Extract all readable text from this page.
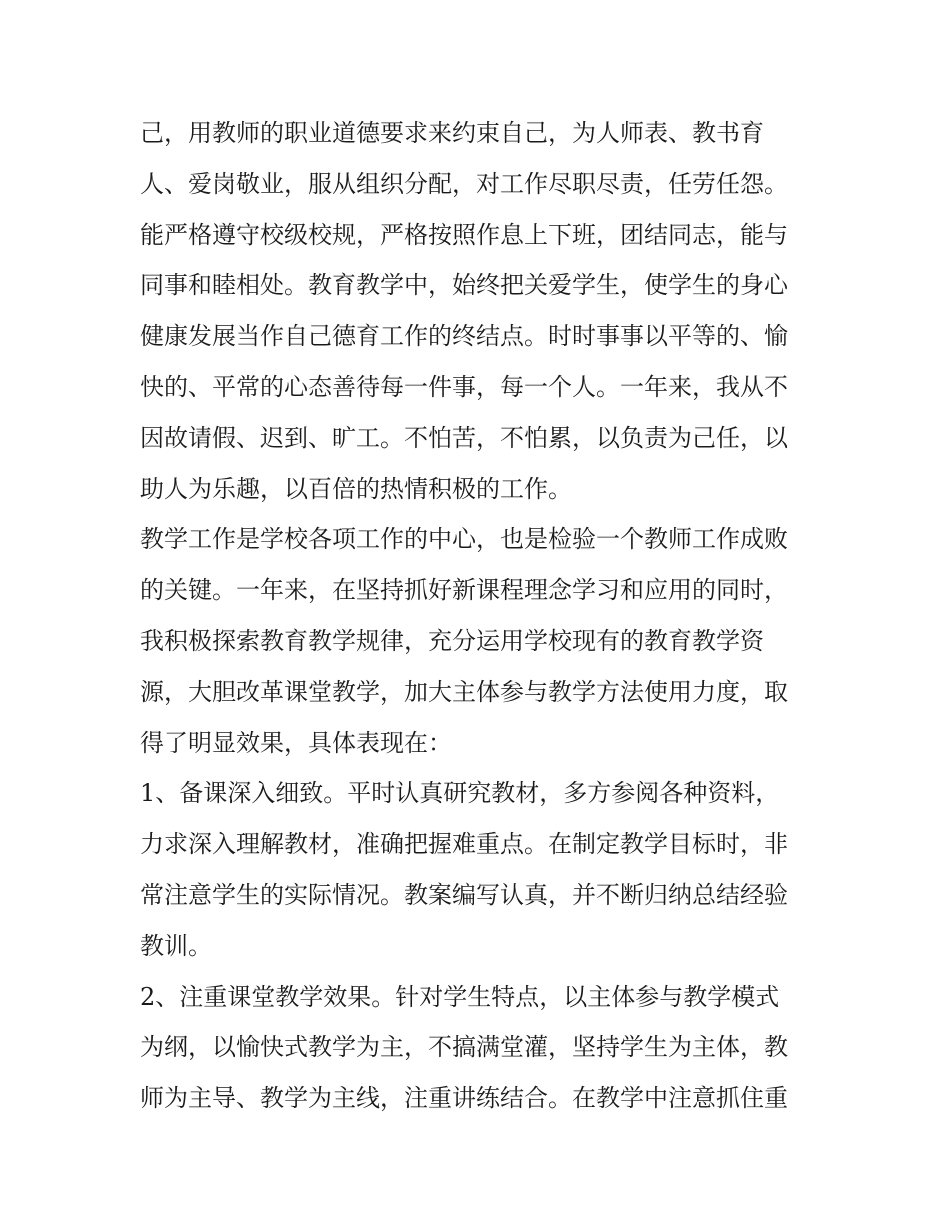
己，用教师的职业道德要求来约束自己，为人师表、教书育
人、爱岗敬业，服从组织分配，对工作尽职尽责，任劳任怨。
能严格遵守校级校规，严格按照作息上下班，团结同志，能与
同事和睦相处。教育教学中，始终把关爱学生，使学生的身心
健康发展当作自己德育工作的终结点。时时事事以平等的、愉
快的、平常的心态善待每一件事，每一个人。一年来，我从不
因故请假、迟到、旷工。不怕苦，不怕累，以负责为己任，以
助人为乐趣，以百倍的热情积极的工作。
教学工作是学校各项工作的中心，也是检验一个教师工作成败
的关键。一年来，在坚持抓好新课程理念学习和应用的同时，
我积极探索教育教学规律，充分运用学校现有的教育教学资
源，大胆改革课堂教学，加大主体参与教学方法使用力度，取
得了明显效果，具体表现在：
1、备课深入细致。平时认真研究教材，多方参阅各种资料，
力求深入理解教材，准确把握难重点。在制定教学目标时，非
常注意学生的实际情况。教案编写认真，并不断归纳总结经验
教训。
2、注重课堂教学效果。针对学生特点，以主体参与教学模式
为纲，以愉快式教学为主，不搞满堂灌，坚持学生为主体，教
师为主导、教学为主线，注重讲练结合。在教学中注意抓住重
